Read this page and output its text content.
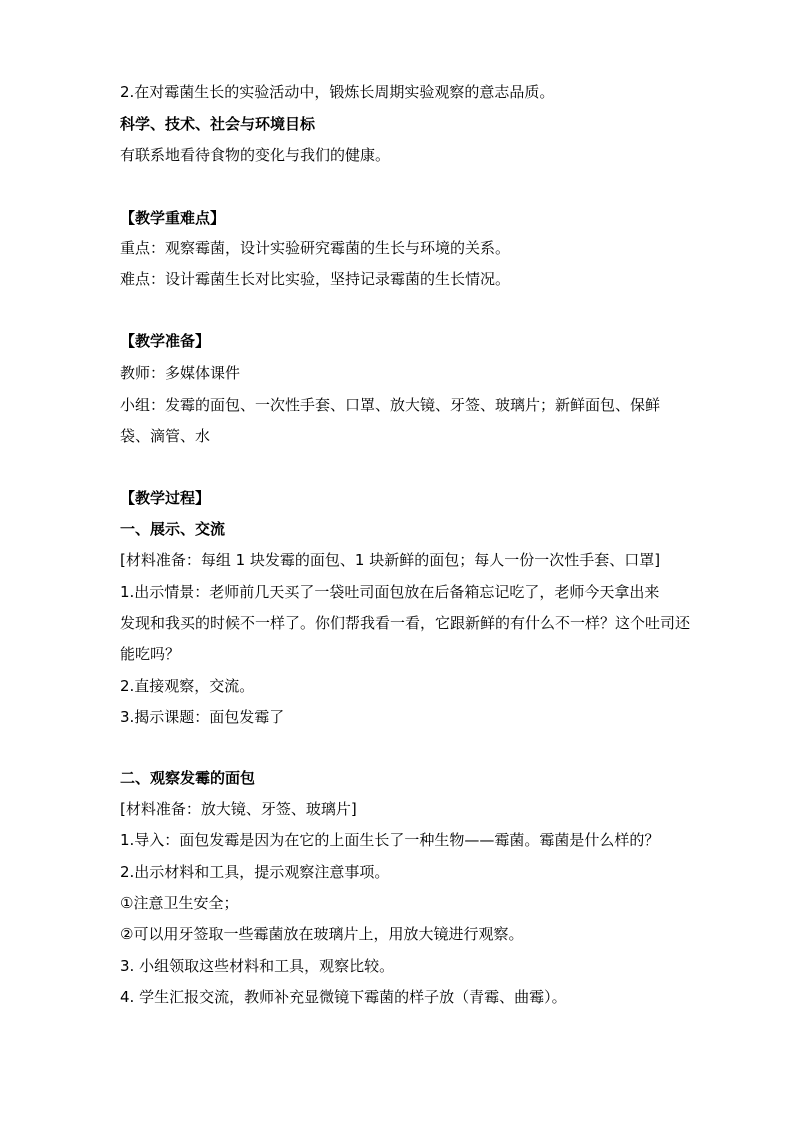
2.在对霉菌生长的实验活动中，锻炼长周期实验观察的意志品质。
科学、技术、社会与环境目标
有联系地看待食物的变化与我们的健康。
【教学重难点】
重点：观察霉菌，设计实验研究霉菌的生长与环境的关系。
难点：设计霉菌生长对比实验，坚持记录霉菌的生长情况。
【教学准备】
教师：多媒体课件
小组：发霉的面包、一次性手套、口罩、放大镜、牙签、玻璃片；新鲜面包、保鲜
袋、滴管、水
【教学过程】
一、展示、交流
[材料准备：每组 1 块发霉的面包、1 块新鲜的面包；每人一份一次性手套、口罩]
1.出示情景：老师前几天买了一袋吐司面包放在后备箱忘记吃了，老师今天拿出来
发现和我买的时候不一样了。你们帮我看一看，它跟新鲜的有什么不一样？这个吐司还
能吃吗？
2.直接观察，交流。
3.揭示课题：面包发霉了
二、观察发霉的面包
[材料准备：放大镜、牙签、玻璃片]
1.导入：面包发霉是因为在它的上面生长了一种生物——霉菌。霉菌是什么样的？
2.出示材料和工具，提示观察注意事项。
①注意卫生安全；
②可以用牙签取一些霉菌放在玻璃片上，用放大镜进行观察。
3. 小组领取这些材料和工具，观察比较。
4. 学生汇报交流，教师补充显微镜下霉菌的样子放（青霉、曲霉）。
